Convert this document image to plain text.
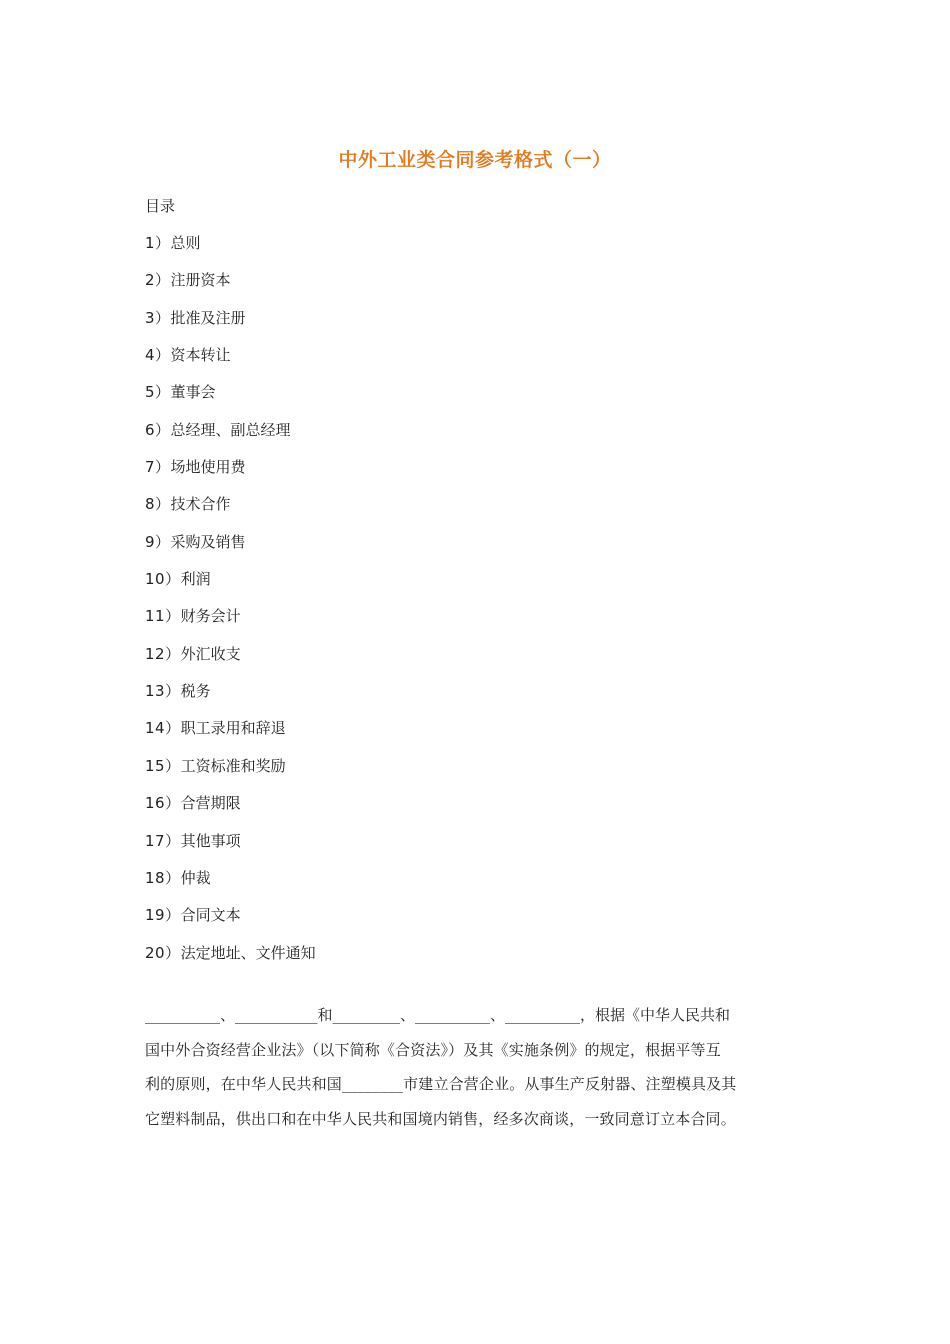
中外工业类合同参考格式（一）
目录
1）总则
2）注册资本
3）批准及注册
4）资本转让
5）董事会
6）总经理、副总经理
7）场地使用费
8）技术合作
9）采购及销售
10）利润
11）财务会计
12）外汇收支
13）税务
14）职工录用和辞退
15）工资标准和奖励
16）合营期限
17）其他事项
18）仲裁
19）合同文本
20）法定地址、文件通知

__________、___________和_________、__________、__________，根据《中华人民共和
国中外合资经营企业法》（以下简称《合资法》）及其《实施条例》的规定，根据平等互
利的原则，在中华人民共和国________市建立合营企业。从事生产反射器、注塑模具及其
它塑料制品，供出口和在中华人民共和国境内销售，经多次商谈，一致同意订立本合同。
